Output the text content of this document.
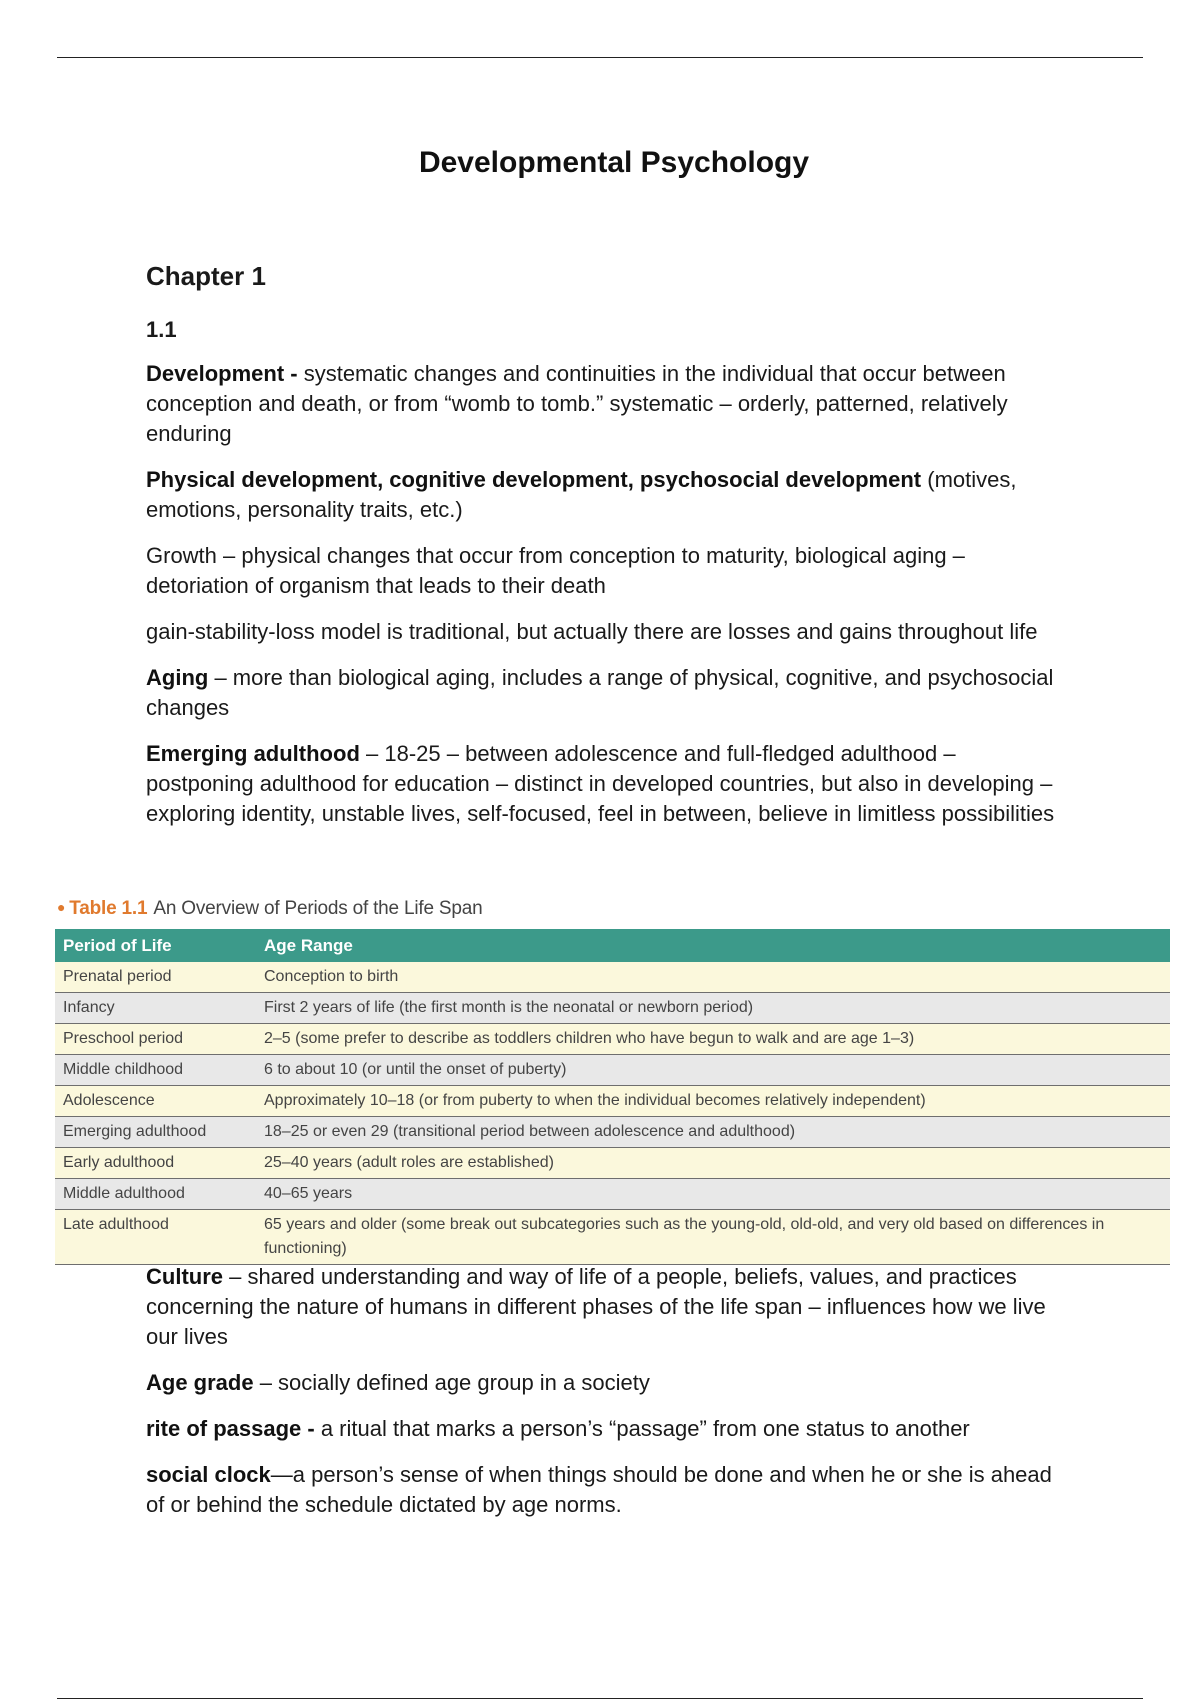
Developmental Psychology

Chapter 1

1.1

Development - systematic changes and continuities in the individual that occur between conception and death, or from “womb to tomb.” systematic – orderly, patterned, relatively enduring

Physical development, cognitive development, psychosocial development (motives, emotions, personality traits, etc.)

Growth – physical changes that occur from conception to maturity, biological aging – detoriation of organism that leads to their death

gain-stability-loss model is traditional, but actually there are losses and gains throughout life

Aging – more than biological aging, includes a range of physical, cognitive, and psychosocial changes

Emerging adulthood – 18-25 – between adolescence and full-fledged adulthood – postponing adulthood for education – distinct in developed countries, but also in developing – exploring identity, unstable lives, self-focused, feel in between, believe in limitless possibilities

● Table 1.1 An Overview of Periods of the Life Span
Period of Life	Age Range
Prenatal period	Conception to birth
Infancy	First 2 years of life (the first month is the neonatal or newborn period)
Preschool period	2–5 (some prefer to describe as toddlers children who have begun to walk and are age 1–3)
Middle childhood	6 to about 10 (or until the onset of puberty)
Adolescence	Approximately 10–18 (or from puberty to when the individual becomes relatively independent)
Emerging adulthood	18–25 or even 29 (transitional period between adolescence and adulthood)
Early adulthood	25–40 years (adult roles are established)
Middle adulthood	40–65 years
Late adulthood	65 years and older (some break out subcategories such as the young-old, old-old, and very old based on differences in functioning)

Culture – shared understanding and way of life of a people, beliefs, values, and practices concerning the nature of humans in different phases of the life span – influences how we live our lives

Age grade – socially defined age group in a society

rite of passage - a ritual that marks a person’s “passage” from one status to another

social clock—a person’s sense of when things should be done and when he or she is ahead of or behind the schedule dictated by age norms.
